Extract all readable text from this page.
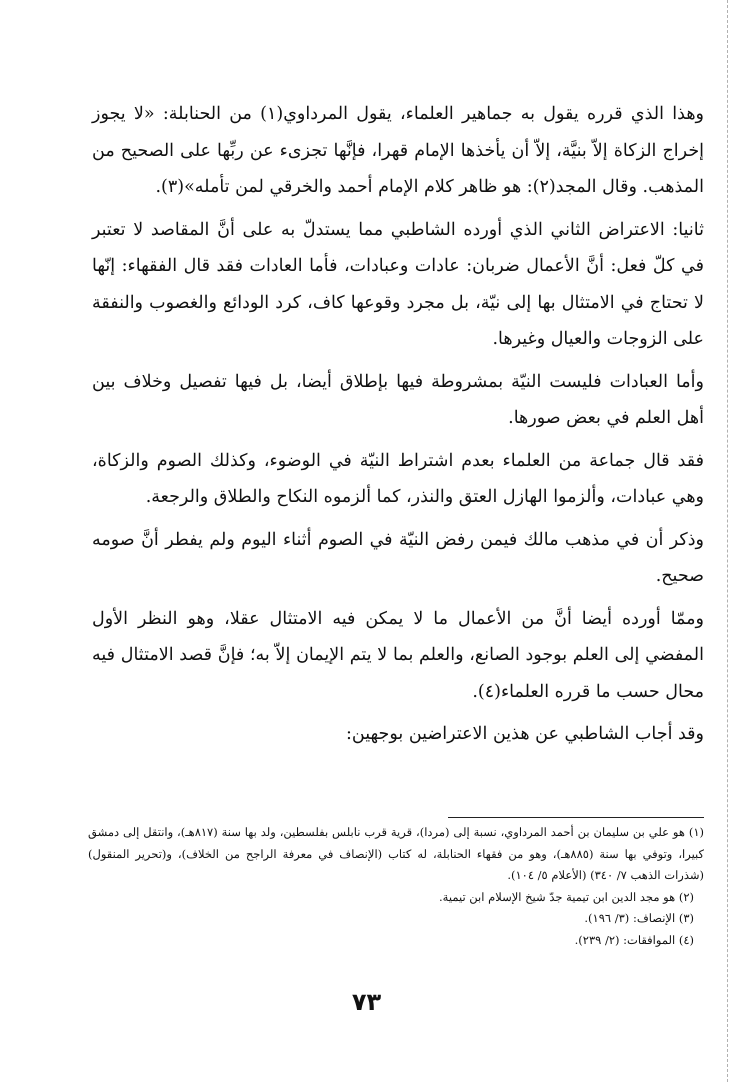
وهذا الذي قرره يقول به جماهير العلماء، يقول المرداوي(١) من الحنابلة: «لا يجوز إخراج الزكاة إلاّ بنيَّة، إلاّ أن يأخذها الإمام قهرا، فإنَّها تجزىء عن ربِّها على الصحيح من المذهب. وقال المجد(٢): هو ظاهر كلام الإمام أحمد والخرقي لمن تأمله»(٣).

ثانيا: الاعتراض الثاني الذي أورده الشاطبي مما يستدلّ به على أنَّ المقاصد لا تعتبر في كلّ فعل: أنَّ الأعمال ضربان: عادات وعبادات، فأما العادات فقد قال الفقهاء: إنّها لا تحتاج في الامتثال بها إلى نيّة، بل مجرد وقوعها كاف، كرد الودائع والغصوب والنفقة على الزوجات والعيال وغيرها.

وأما العبادات فليست النيّة بمشروطة فيها بإطلاق أيضا، بل فيها تفصيل وخلاف بين أهل العلم في بعض صورها.

فقد قال جماعة من العلماء بعدم اشتراط النيّة في الوضوء، وكذلك الصوم والزكاة، وهي عبادات، وألزموا الهازل العتق والنذر، كما ألزموه النكاح والطلاق والرجعة.

وذكر أن في مذهب مالك فيمن رفض النيّة في الصوم أثناء اليوم ولم يفطر أنَّ صومه صحيح.

وممّا أورده أيضا أنَّ من الأعمال ما لا يمكن فيه الامتثال عقلا، وهو النظر الأول المفضي إلى العلم بوجود الصانع، والعلم بما لا يتم الإيمان إلاّ به؛ فإنَّ قصد الامتثال فيه محال حسب ما قرره العلماء(٤).

وقد أجاب الشاطبي عن هذين الاعتراضين بوجهين:

(١) هو علي بن سليمان بن أحمد المرداوي، نسبة إلى (مردا)، قرية قرب نابلس بفلسطين، ولد بها سنة (٨١٧هـ)، وانتقل إلى دمشق كبيرا، وتوفي بها سنة (٨٨٥هـ)، وهو من فقهاء الحنابلة، له كتاب (الإنصاف في معرفة الراجح من الخلاف)، و(تحرير المنقول) (شذرات الذهب ٧/ ٣٤٠) (الأعلام ٥/ ١٠٤).

(٢) هو مجد الدين ابن تيمية جدّ شيخ الإسلام ابن تيمية.

(٣) الإنصاف: (٣/ ١٩٦).

(٤) الموافقات: (٢/ ٢٣٩).

٧٣
